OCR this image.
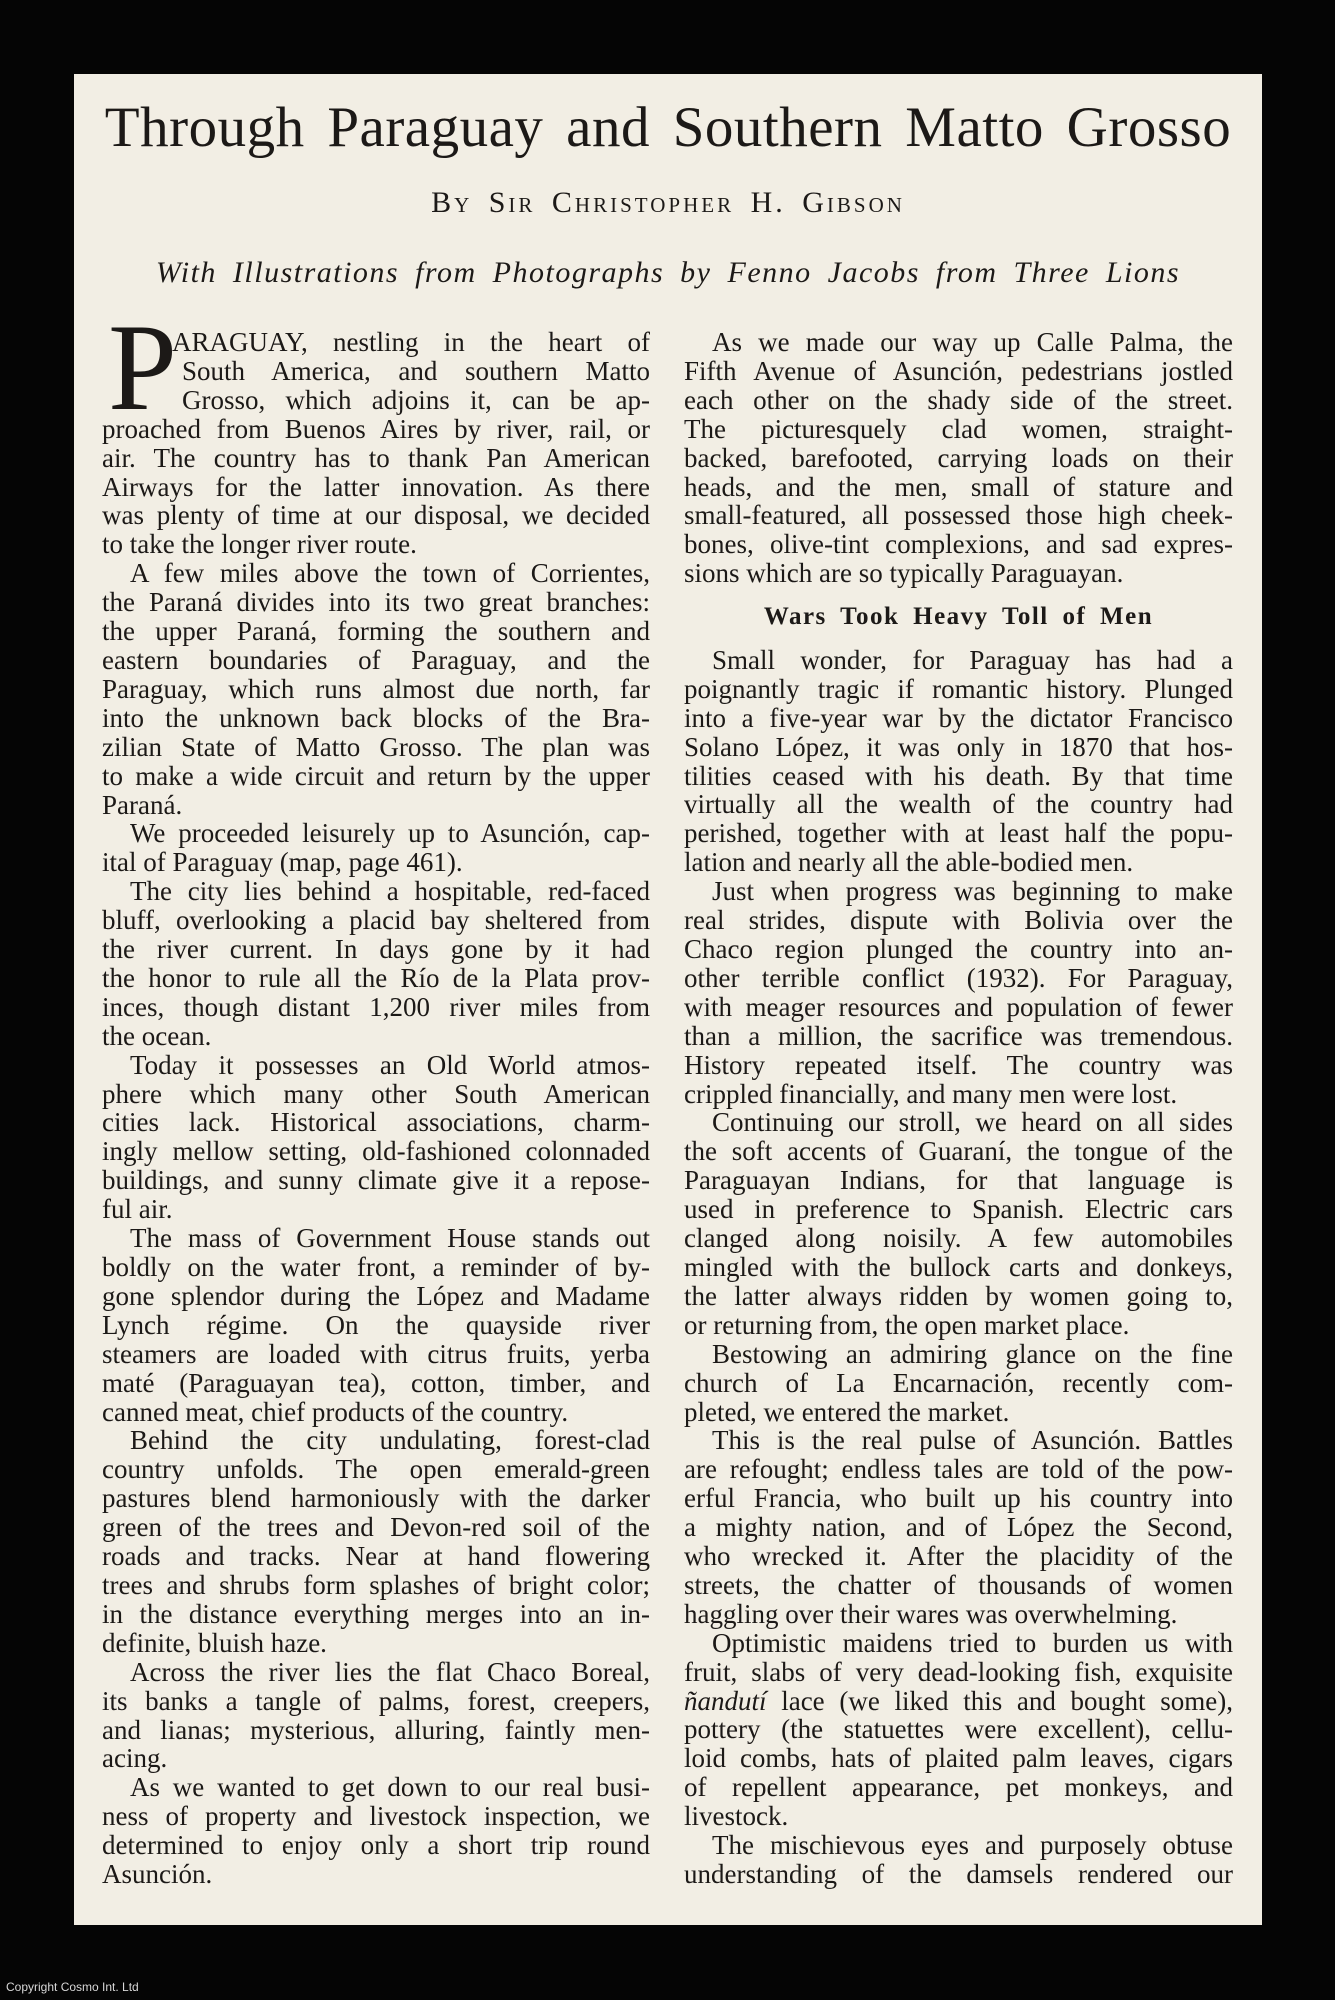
Through Paraguay and Southern Matto Grosso
By Sir Christopher H. Gibson
With Illustrations from Photographs by Fenno Jacobs from Three Lions
P
ARAGUAY, nestling in the heart of
South America, and southern Matto
Grosso, which adjoins it, can be ap-
proached from Buenos Aires by river, rail, or
air. The country has to thank Pan American
Airways for the latter innovation. As there
was plenty of time at our disposal, we decided
to take the longer river route.
A few miles above the town of Corrientes,
the Paraná divides into its two great branches:
the upper Paraná, forming the southern and
eastern boundaries of Paraguay, and the
Paraguay, which runs almost due north, far
into the unknown back blocks of the Bra-
zilian State of Matto Grosso. The plan was
to make a wide circuit and return by the upper
Paraná.
We proceeded leisurely up to Asunción, cap-
ital of Paraguay (map, page 461).
The city lies behind a hospitable, red-faced
bluff, overlooking a placid bay sheltered from
the river current. In days gone by it had
the honor to rule all the Río de la Plata prov-
inces, though distant 1,200 river miles from
the ocean.
Today it possesses an Old World atmos-
phere which many other South American
cities lack. Historical associations, charm-
ingly mellow setting, old-fashioned colonnaded
buildings, and sunny climate give it a repose-
ful air.
The mass of Government House stands out
boldly on the water front, a reminder of by-
gone splendor during the López and Madame
Lynch régime. On the quayside river
steamers are loaded with citrus fruits, yerba
maté (Paraguayan tea), cotton, timber, and
canned meat, chief products of the country.
Behind the city undulating, forest-clad
country unfolds. The open emerald-green
pastures blend harmoniously with the darker
green of the trees and Devon-red soil of the
roads and tracks. Near at hand flowering
trees and shrubs form splashes of bright color;
in the distance everything merges into an in-
definite, bluish haze.
Across the river lies the flat Chaco Boreal,
its banks a tangle of palms, forest, creepers,
and lianas; mysterious, alluring, faintly men-
acing.
As we wanted to get down to our real busi-
ness of property and livestock inspection, we
determined to enjoy only a short trip round
Asunción.
As we made our way up Calle Palma, the
Fifth Avenue of Asunción, pedestrians jostled
each other on the shady side of the street.
The picturesquely clad women, straight-
backed, barefooted, carrying loads on their
heads, and the men, small of stature and
small-featured, all possessed those high cheek-
bones, olive-tint complexions, and sad expres-
sions which are so typically Paraguayan.
Wars Took Heavy Toll of Men
Small wonder, for Paraguay has had a
poignantly tragic if romantic history. Plunged
into a five-year war by the dictator Francisco
Solano López, it was only in 1870 that hos-
tilities ceased with his death. By that time
virtually all the wealth of the country had
perished, together with at least half the popu-
lation and nearly all the able-bodied men.
Just when progress was beginning to make
real strides, dispute with Bolivia over the
Chaco region plunged the country into an-
other terrible conflict (1932). For Paraguay,
with meager resources and population of fewer
than a million, the sacrifice was tremendous.
History repeated itself. The country was
crippled financially, and many men were lost.
Continuing our stroll, we heard on all sides
the soft accents of Guaraní, the tongue of the
Paraguayan Indians, for that language is
used in preference to Spanish. Electric cars
clanged along noisily. A few automobiles
mingled with the bullock carts and donkeys,
the latter always ridden by women going to,
or returning from, the open market place.
Bestowing an admiring glance on the fine
church of La Encarnación, recently com-
pleted, we entered the market.
This is the real pulse of Asunción. Battles
are refought; endless tales are told of the pow-
erful Francia, who built up his country into
a mighty nation, and of López the Second,
who wrecked it. After the placidity of the
streets, the chatter of thousands of women
haggling over their wares was overwhelming.
Optimistic maidens tried to burden us with
fruit, slabs of very dead-looking fish, exquisite
ñandutí lace (we liked this and bought some),
pottery (the statuettes were excellent), cellu-
loid combs, hats of plaited palm leaves, cigars
of repellent appearance, pet monkeys, and
livestock.
The mischievous eyes and purposely obtuse
understanding of the damsels rendered our
Copyright Cosmo Int. Ltd
